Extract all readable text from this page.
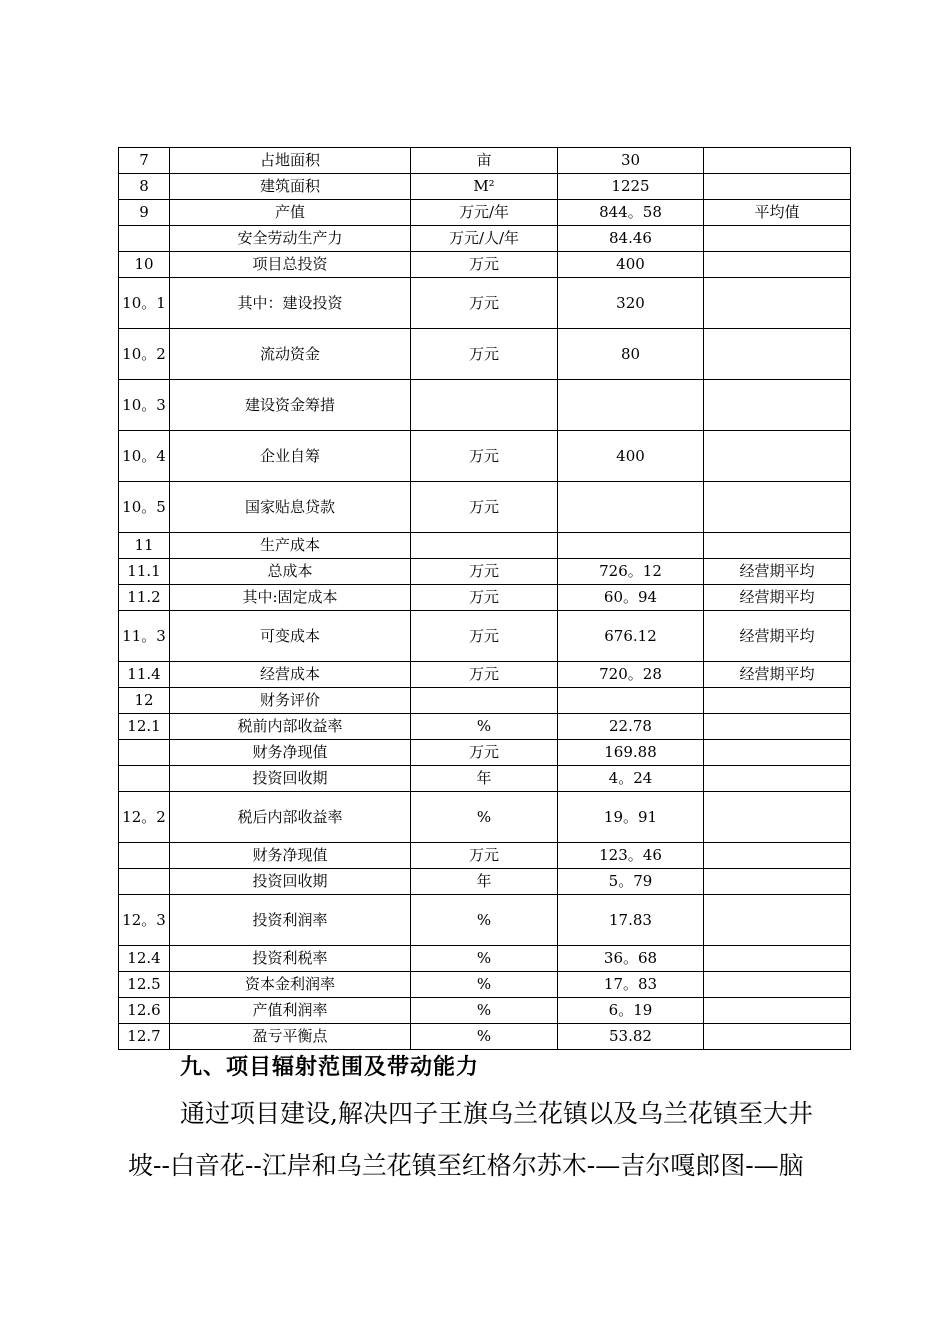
7	占地面积	亩	30	
8	建筑面积	M²	1225	
9	产值	万元/年	844。58	平均值
	安全劳动生产力	万元/人/年	84.46	
10	项目总投资	万元	400	
10。1	其中：建设投资	万元	320	
10。2	流动资金	万元	80	
10。3	建设资金筹措			
10。4	企业自筹	万元	400	
10。5	国家贴息贷款	万元		
11	生产成本			
11.1	总成本	万元	726。12	经营期平均
11.2	其中:固定成本	万元	60。94	经营期平均
11。3	可变成本	万元	676.12	经营期平均
11.4	经营成本	万元	720。28	经营期平均
12	财务评价			
12.1	税前内部收益率	%	22.78	
	财务净现值	万元	169.88	
	投资回收期	年	4。24	
12。2	税后内部收益率	%	19。91	
	财务净现值	万元	123。46	
	投资回收期	年	5。79	
12。3	投资利润率	%	17.83	
12.4	投资利税率	%	36。68	
12.5	资本金利润率	%	17。83	
12.6	产值利润率	%	6。19	
12.7	盈亏平衡点	%	53.82	
九、项目辐射范围及带动能力
通过项目建设,解决四子王旗乌兰花镇以及乌兰花镇至大井
坡--白音花--江岸和乌兰花镇至红格尔苏木-—吉尔嘎郎图-—脑
